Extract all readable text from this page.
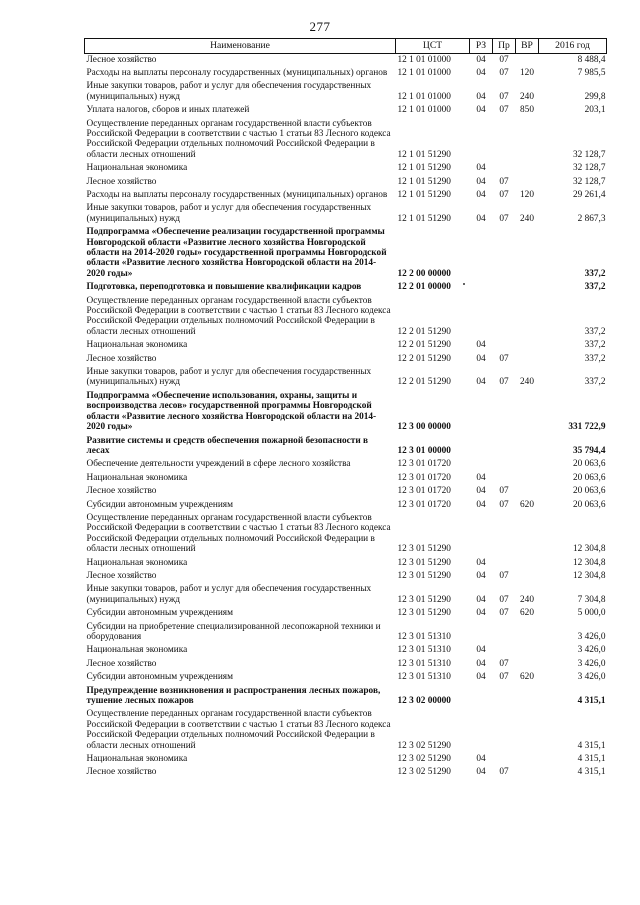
277
Наименование	ЦСТ	РЗ	Пр	ВР	2016 год
Лесное хозяйство	12 1 01 01000	04	07		8 488,4
Расходы на выплаты персоналу государственных (муниципальных) органов	12 1 01 01000	04	07	120	7 985,5
Иные закупки товаров, работ и услуг для обеспечения государственных (муниципальных) нужд	12 1 01 01000	04	07	240	299,8
Уплата налогов, сборов и иных платежей	12 1 01 01000	04	07	850	203,1
Осуществление переданных органам государственной власти субъектов Российской Федерации в соответствии с частью 1 статьи 83 Лесного кодекса Российской Федерации отдельных полномочий Российской Федерации в области лесных отношений	12 1 01 51290				32 128,7
Национальная экономика	12 1 01 51290	04			32 128,7
Лесное хозяйство	12 1 01 51290	04	07		32 128,7
Расходы на выплаты персоналу государственных (муниципальных) органов	12 1 01 51290	04	07	120	29 261,4
Иные закупки товаров, работ и услуг для обеспечения государственных (муниципальных) нужд	12 1 01 51290	04	07	240	2 867,3
Подпрограмма «Обеспечение реализации государственной программы Новгородской области «Развитие лесного хозяйства Новгородской области на 2014-2020 годы» государственной программы Новгородской области «Развитие лесного хозяйства Новгородской области на 2014-2020 годы»	12 2 00 00000				337,2
Подготовка, переподготовка и повышение квалификации кадров	12 2 01 00000				337,2
Осуществление переданных органам государственной власти субъектов Российской Федерации в соответствии с частью 1 статьи 83 Лесного кодекса Российской Федерации отдельных полномочий Российской Федерации в области лесных отношений	12 2 01 51290				337,2
Национальная экономика	12 2 01 51290	04			337,2
Лесное хозяйство	12 2 01 51290	04	07		337,2
Иные закупки товаров, работ и услуг для обеспечения государственных (муниципальных) нужд	12 2 01 51290	04	07	240	337,2
Подпрограмма «Обеспечение использования, охраны, защиты и воспроизводства лесов» государственной программы Новгородской области «Развитие лесного хозяйства Новгородской области на 2014-2020 годы»	12 3 00 00000				331 722,9
Развитие системы и средств обеспечения пожарной безопасности в лесах	12 3 01 00000				35 794,4
Обеспечение деятельности учреждений в сфере лесного хозяйства	12 3 01 01720				20 063,6
Национальная экономика	12 3 01 01720	04			20 063,6
Лесное хозяйство	12 3 01 01720	04	07		20 063,6
Субсидии автономным учреждениям	12 3 01 01720	04	07	620	20 063,6
Осуществление переданных органам государственной власти субъектов Российской Федерации в соответствии с частью 1 статьи 83 Лесного кодекса Российской Федерации отдельных полномочий Российской Федерации в области лесных отношений	12 3 01 51290				12 304,8
Национальная экономика	12 3 01 51290	04			12 304,8
Лесное хозяйство	12 3 01 51290	04	07		12 304,8
Иные закупки товаров, работ и услуг для обеспечения государственных (муниципальных) нужд	12 3 01 51290	04	07	240	7 304,8
Субсидии автономным учреждениям	12 3 01 51290	04	07	620	5 000,0
Субсидии на приобретение специализированной лесопожарной техники и оборудования	12 3 01 51310				3 426,0
Национальная экономика	12 3 01 51310	04			3 426,0
Лесное хозяйство	12 3 01 51310	04	07		3 426,0
Субсидии автономным учреждениям	12 3 01 51310	04	07	620	3 426,0
Предупреждение возникновения и распространения лесных пожаров, тушение лесных пожаров	12 3 02 00000				4 315,1
Осуществление переданных органам государственной власти субъектов Российской Федерации в соответствии с частью 1 статьи 83 Лесного кодекса Российской Федерации отдельных полномочий Российской Федерации в области лесных отношений	12 3 02 51290				4 315,1
Национальная экономика	12 3 02 51290	04			4 315,1
Лесное хозяйство	12 3 02 51290	04	07		4 315,1
